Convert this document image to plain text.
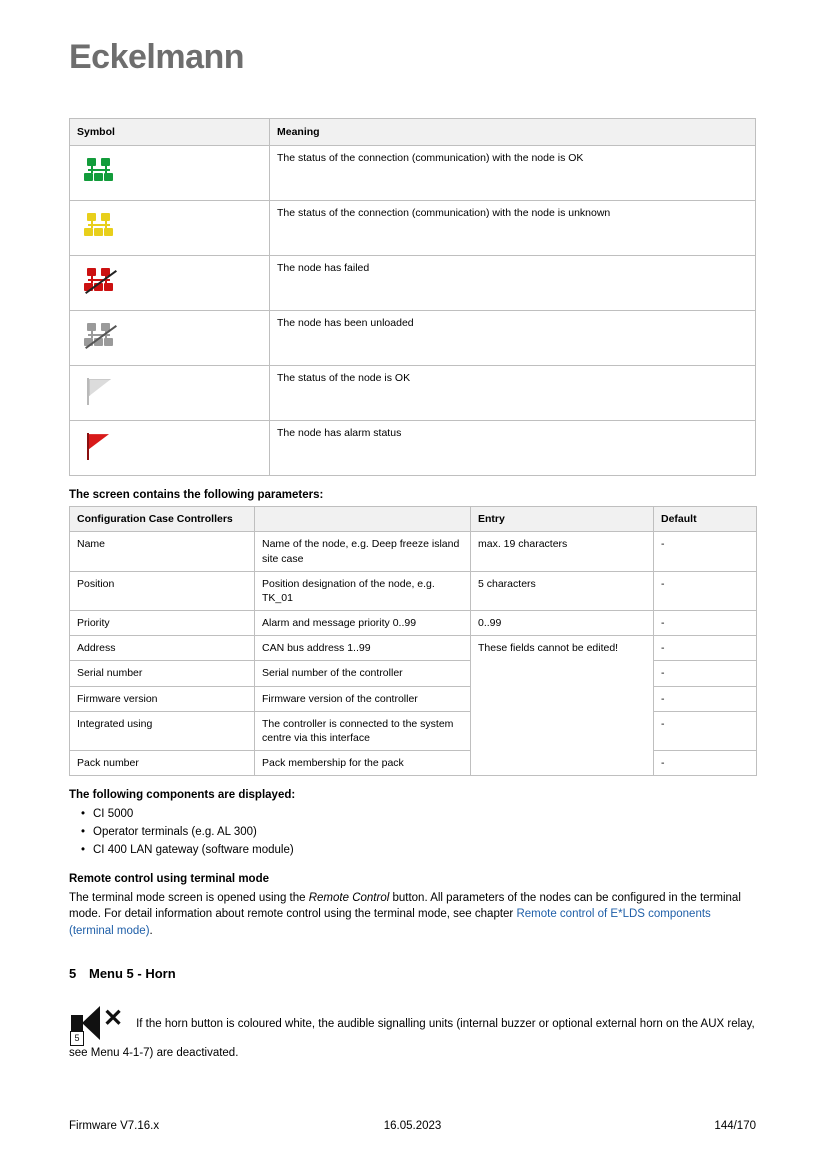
Eckelmann
Symbol	Meaning

	The status of the connection (communication) with the node is OK

	The status of the connection (communication) with the node is unknown

	The node has failed

	The node has been unloaded

	The status of the node is OK

	The node has alarm status
The screen contains the following parameters:
Configuration Case Controllers		Entry	Default
Name	Name of the node, e.g. Deep freeze island site case	max. 19 characters	-
Position	Position designation of the node, e.g. TK_01	5 characters	-
Priority	Alarm and message priority 0..99	0..99	-
Address	CAN bus address 1..99	These fields cannot be edited!	-
Serial number	Serial number of the controller		-
Firmware version	Firmware version of the controller		-
Integrated using	The controller is connected to the system centre via this interface		-
Pack number	Pack membership for the pack		-
The following components are displayed:
• CI 5000
• Operator terminals (e.g. AL 300)
• CI 400 LAN gateway (software module)
Remote control using terminal mode

The terminal mode screen is opened using the Remote Control button. All parameters of the nodes can be configured in the terminal mode. For detail information about remote control using the terminal mode, see chapter Remote control of E*LDS components (terminal mode).

5 Menu 5 - Horn
✕
5
If the horn button is coloured white, the audible signalling units (internal buzzer or optional external horn on the AUX relay, see Menu 4-1-7) are deactivated.
Firmware V7.16.x	16.05.2023	144/170
